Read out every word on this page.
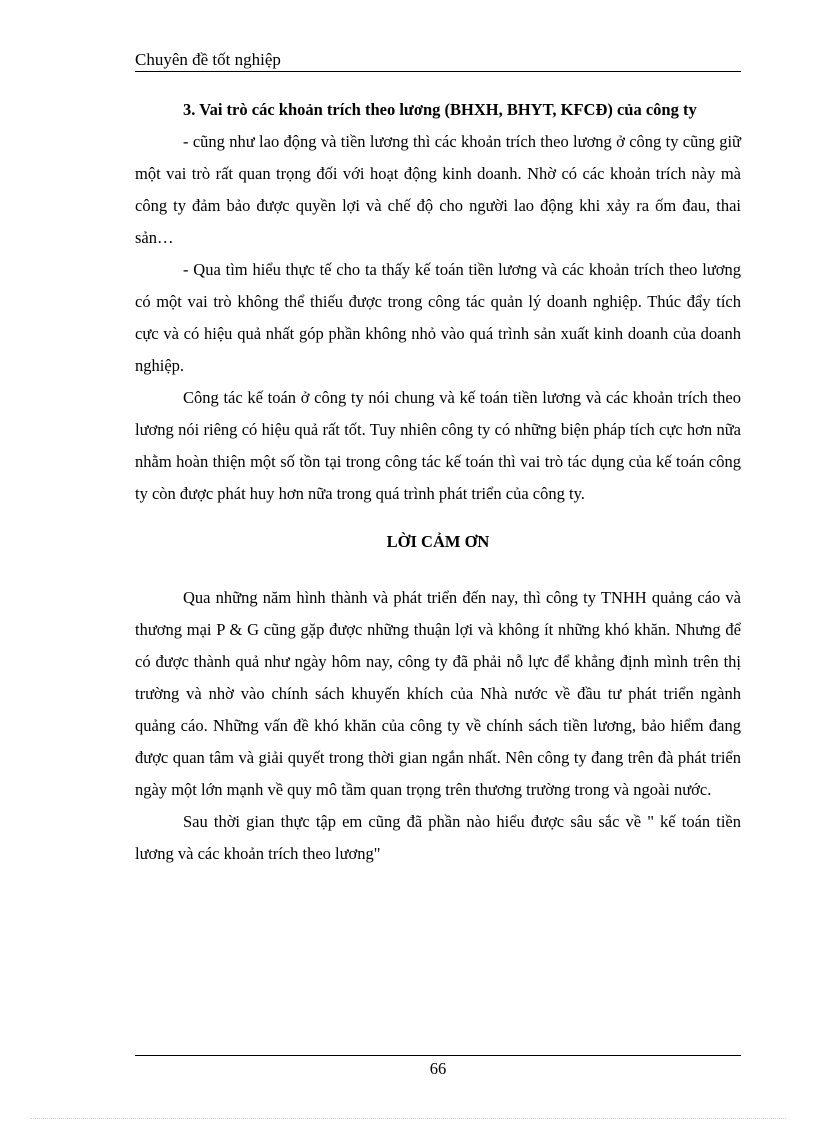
Chuyên đề tốt nghiệp

3. Vai trò các khoản trích theo lương (BHXH, BHYT, KFCĐ) của công ty

- cũng như lao động và tiền lương thì các khoản trích theo lương ở công ty cũng giữ một vai trò rất quan trọng đối với hoạt động kinh doanh. Nhờ có các khoản trích này mà công ty đảm bảo được quyền lợi và chế độ cho người lao động khi xảy ra ốm đau, thai sản…

- Qua tìm hiểu thực tế cho ta thấy kế toán tiền lương và các khoản trích theo lương có một vai trò không thể thiếu được trong công tác quản lý doanh nghiệp. Thúc đẩy tích cực và có hiệu quả nhất góp phần không nhỏ vào quá trình sản xuất kinh doanh của doanh nghiệp.

Công tác kế toán ở công ty nói chung và kế toán tiền lương và các khoản trích theo lương nói riêng có hiệu quả rất tốt. Tuy nhiên công ty có những biện pháp tích cực hơn nữa nhằm hoàn thiện một số tồn tại trong công tác kế toán thì vai trò tác dụng của kế toán công ty còn được phát huy hơn nữa trong quá trình phát triển của công ty.

LỜI CẢM ƠN

Qua những năm hình thành và phát triển đến nay, thì công ty TNHH quảng cáo và thương mại P & G cũng gặp được những thuận lợi và không ít những khó khăn. Nhưng để có được thành quả như ngày hôm nay, công ty đã phải nỗ lực để khẳng định mình trên thị trường và nhờ vào chính sách khuyến khích của Nhà nước về đầu tư phát triển ngành quảng cáo. Những vấn đề khó khăn của công ty về chính sách tiền lương, bảo hiểm đang được quan tâm và giải quyết trong thời gian ngắn nhất. Nên công ty đang trên đà phát triển ngày một lớn mạnh về quy mô tầm quan trọng trên thương trường trong và ngoài nước.

Sau thời gian thực tập em cũng đã phần nào hiểu được sâu sắc về " kế toán tiền lương và các khoản trích theo lương"

66
